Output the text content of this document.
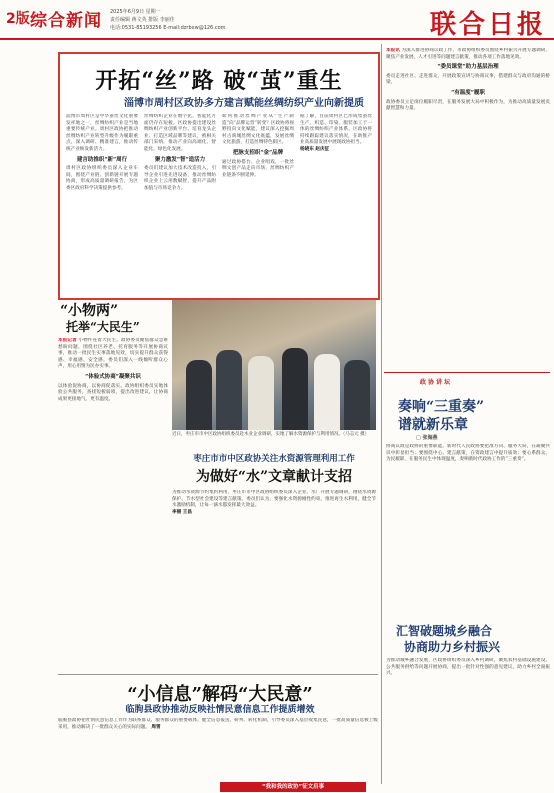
2版 综合新闻 2025年6月9日 星期一
责任编辑 蒋文英 排版 李丽佳
电话:0531-85193256 E-mail:dzrbxw@126.com	联合日报
开拓“丝”路 破“茧”重生
淄博市周村区政协多方建言赋能丝绸纺织产业向新提质
淄博市周村区是中华蚕丝文化重要发祥地之一，丝绸纺织产业是当地重要传统产业。周村区政协把推动丝绸纺织产业转型升级作为履职重点，深入调研、精准建言，推动传统产业焕发新活力。
建言助推织“新”周行
周村区政协组织委员深入企业车间，围绕产业链、创新链开展专题协商，形成高质量调研报告，为区委区政府科学决策提供参考。
丝绸纺织企业在数字化、智能化方面仍存在短板。区政协提出建设丝绸纺织产业创新平台、培育龙头企业、打造区域品牌等建议，被相关部门采纳，推动产业向高端化、智能化、绿色化发展。
聚力激发“智”造活力
委员们建议加大技术改造投入，引导企业引进先进设备，推动丝绸纺织企业上云用数赋智，提升产品附加值与市场竞争力。
如何推动丝绸产业从“生产制造”向“品牌运营”转变？区政协将视野投向文化赋能，建议深入挖掘周村古商城丝绸文化底蕴，发展丝绸文化旅游，打造丝绸特色街区。
把脉支招织“金”品牌
通过政协搭台、企业唱戏，一批丝绸文创产品走向市场，丝绸纺织产业链条不断延伸。
据了解，目前周村区已形成集蚕丝生产、织造、印染、服装加工于一体的丝绸纺织产业体系。区政协将持续跟踪建议落实情况，在助推产业高质量发展中展现政协担当。
杨晓东 赵庆征
“小物两”
托举“大民生”
本报记者 小物件连着大民生。政协委员聚焦群众急难愁盼问题，围绕社区养老、托育服务等开展协商议事，推动一批民生实事落地见效，切实提升群众获得感、幸福感、安全感。委员们深入一线倾听群众心声，用心用情为民办实事。
“体验式协商”凝聚共识
以体验促协商，以协商促落实。政协组织委员实地体验公共服务，查找短板弱项，提出改进建议，让协商成果更接地气、更有温度。
近日，枣庄市市中区政协组织委员赴木业企业调研，实地了解水资源保护与利用情况。（马志元 摄）
枣庄市市中区政协关注水资源管理利用工作
为做好“水”文章献计支招
为推动水资源节约集约利用，枣庄市市中区政协组织委员深入企业、水厂开展专题调研，围绕水资源保护、节水型社会建设等建言献策。委员们认为，要强化水资源刚性约束，推进再生水利用，健全节水激励机制，让每一滴水都发挥最大效益。
李丽 王昌
“小信息”解码“大民意”
临朐县政协推动反映社情民意信息工作提质增效
临朐县政协把社情民意信息工作作为联系群众、服务群众的重要载体，健全信息报送、研判、转化机制，引导委员深入基层收集民意，一批高质量信息被上级采用，推动解决了一批群众关心的实际问题。 周雪
本报讯 为深入推进协商议政工作，市政协组织委员围绕乡村振兴开展专题调研，聚焦产业发展、人才引进等问题建言献策，推动各项工作落地见效。
“委员课堂”助力基层治理
委员走进社区、走进群众，开展政策宣讲与协商议事，搭建群众与政府沟通的桥梁。
“有温度”履职
政协委员立足岗位履职尽责，在服务发展大局中积极作为，为推动高质量发展贡献智慧和力量。
政协讲坛
奏响“三重奏”
谱就新乐章
□ 张海燕
协商议政是政协的重要职能。新时代人民政协要把准方向、服务大局，在凝聚共识中彰显担当；要围绕中心、建言献策，在资政建言中提升质效；要心系群众、为民履职，在服务民生中体现温度，奏响新时代政协工作的“三重奏”。
汇智破题城乡融合
协商助力乡村振兴
为推动城乡融合发展，区政协组织委员深入乡村调研，聚焦农村基础设施建设、公共服务供给等问题开展协商，提出一批针对性强的意见建议，助力乡村全面振兴。
“我和我的政协”征文启事
